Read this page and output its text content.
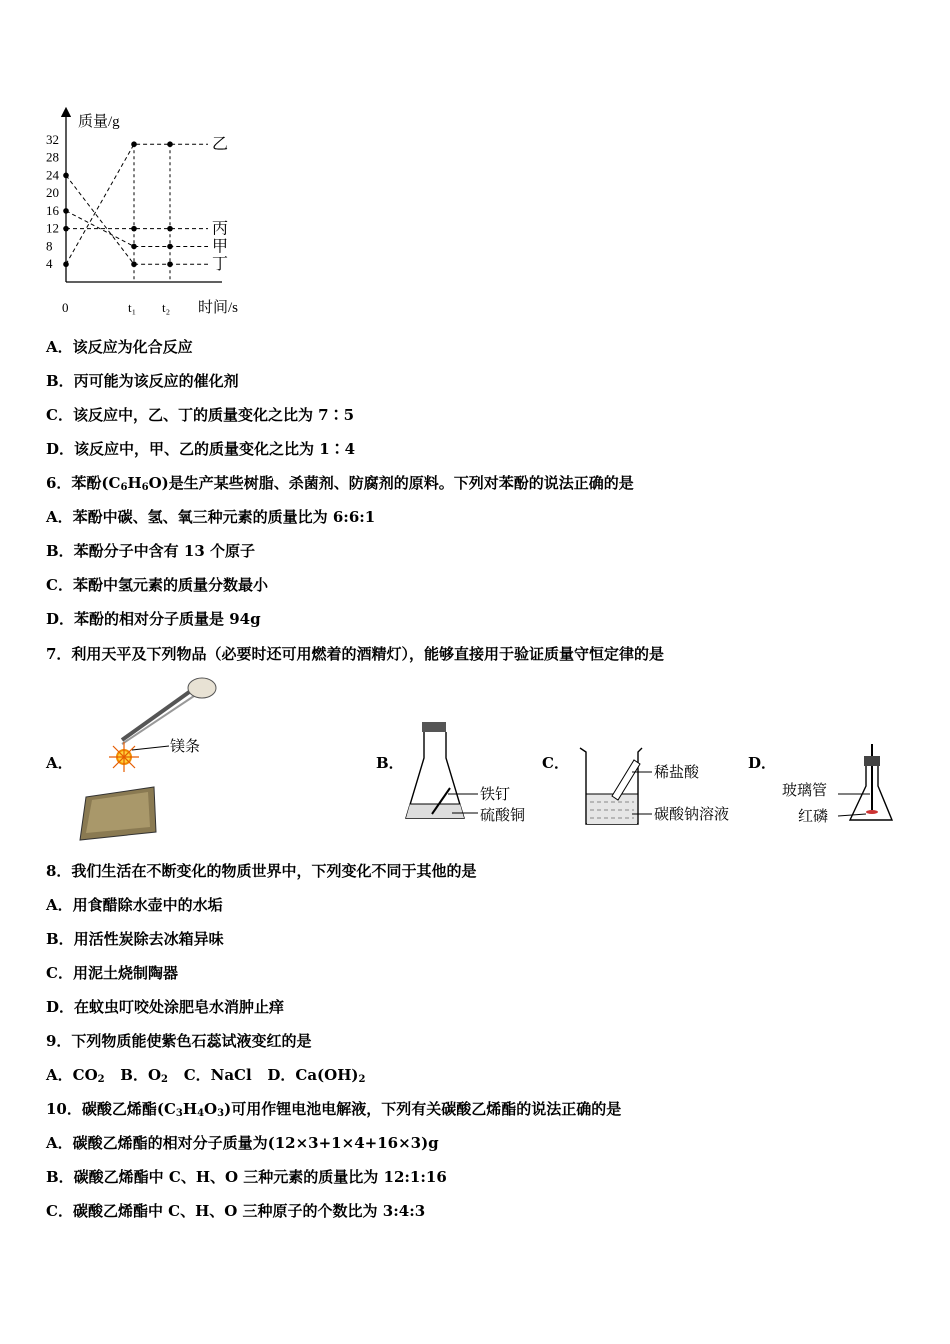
质量/g
时间/s
0	t₁ t₂
4
8
12
16
20
24
28
32	乙
丙
甲
丁
A．该反应为化合反应
B．丙可能为该反应的催化剂
C．该反应中，乙、丁的质量变化之比为 7∶5
D．该反应中，甲、乙的质量变化之比为 1∶4
6．苯酚$(C_6H_6O)$是生产某些树脂、杀菌剂、防腐剂的原料。下列对苯酚的说法正确的是
A．苯酚中碳、氢、氧三种元素的质量比为 6:6:1
B．苯酚分子中含有 13 个原子
C．苯酚中氢元素的质量分数最小
D．苯酚的相对分子质量是 94g
7．利用天平及下列物品（必要时还可用燃着的酒精灯），能够直接用于验证质量守恒定律的是
A．
镁条
B．
铁钉
硫酸铜
C．
稀盐酸
碳酸钠溶液
D．
玻璃管
红磷
8．我们生活在不断变化的物质世界中，下列变化不同于其他的是
A．用食醋除水壶中的水垢
B．用活性炭除去冰箱异味
C．用泥土烧制陶器
D．在蚊虫叮咬处涂肥皂水消肿止痒
9．下列物质能使紫色石蕊试液变红的是
A．$CO_2$ B．$O_2$ C．NaCl D．$Ca(OH)_2$
10．碳酸乙烯酯$(C_3H_4O_3)$可用作锂电池电解液，下列有关碳酸乙烯酯的说法正确的是
A．碳酸乙烯酯的相对分子质量为(12×3+1×4+16×3)g
B．碳酸乙烯酯中 C、H、O 三种元素的质量比为 12:1:16
C．碳酸乙烯酯中 C、H、O 三种原子的个数比为 3:4:3
